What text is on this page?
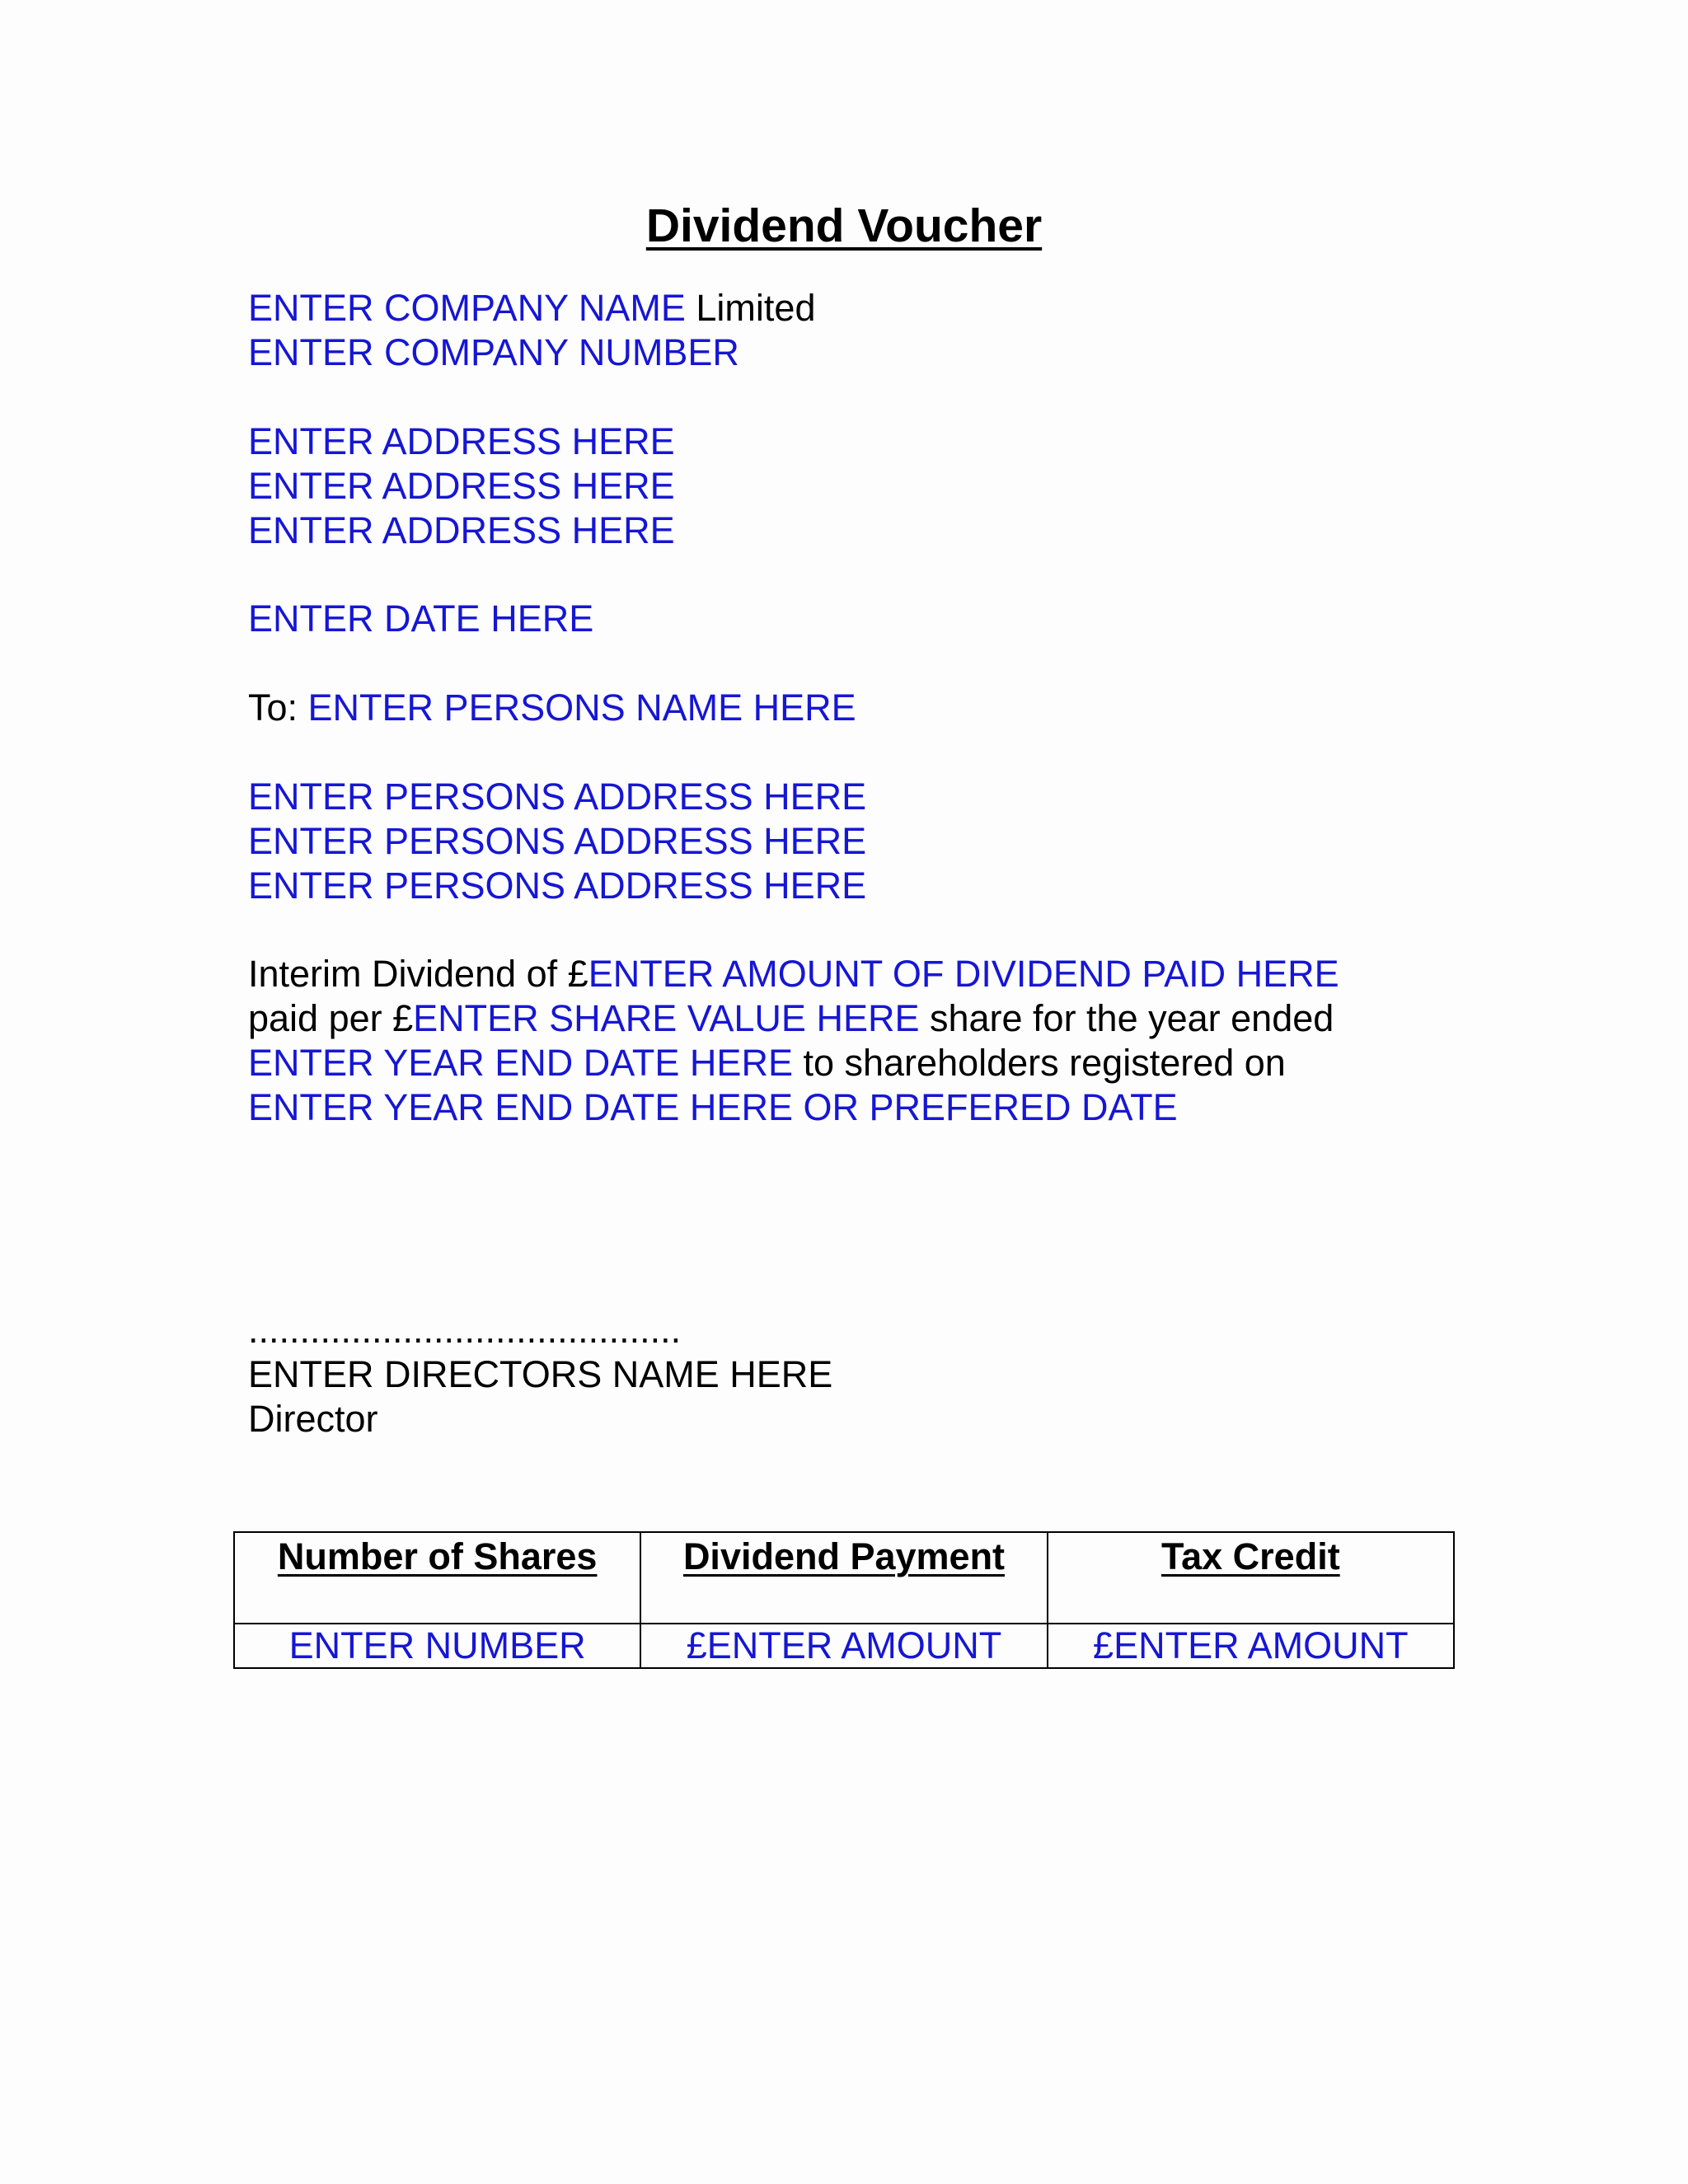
Dividend Voucher
ENTER COMPANY NAME Limited
ENTER COMPANY NUMBER
ENTER ADDRESS HERE
ENTER ADDRESS HERE
ENTER ADDRESS HERE
ENTER DATE HERE
To: ENTER PERSONS NAME HERE
ENTER PERSONS ADDRESS HERE
ENTER PERSONS ADDRESS HERE
ENTER PERSONS ADDRESS HERE
Interim Dividend of £ENTER AMOUNT OF DIVIDEND PAID HERE
paid per £ENTER SHARE VALUE HERE share for the year ended
ENTER YEAR END DATE HERE to shareholders registered on
ENTER YEAR END DATE HERE OR PREFERED DATE
..........................................
ENTER DIRECTORS NAME HERE
Director
Number of Shares	Dividend Payment	Tax Credit
ENTER NUMBER	£ENTER AMOUNT	£ENTER AMOUNT
